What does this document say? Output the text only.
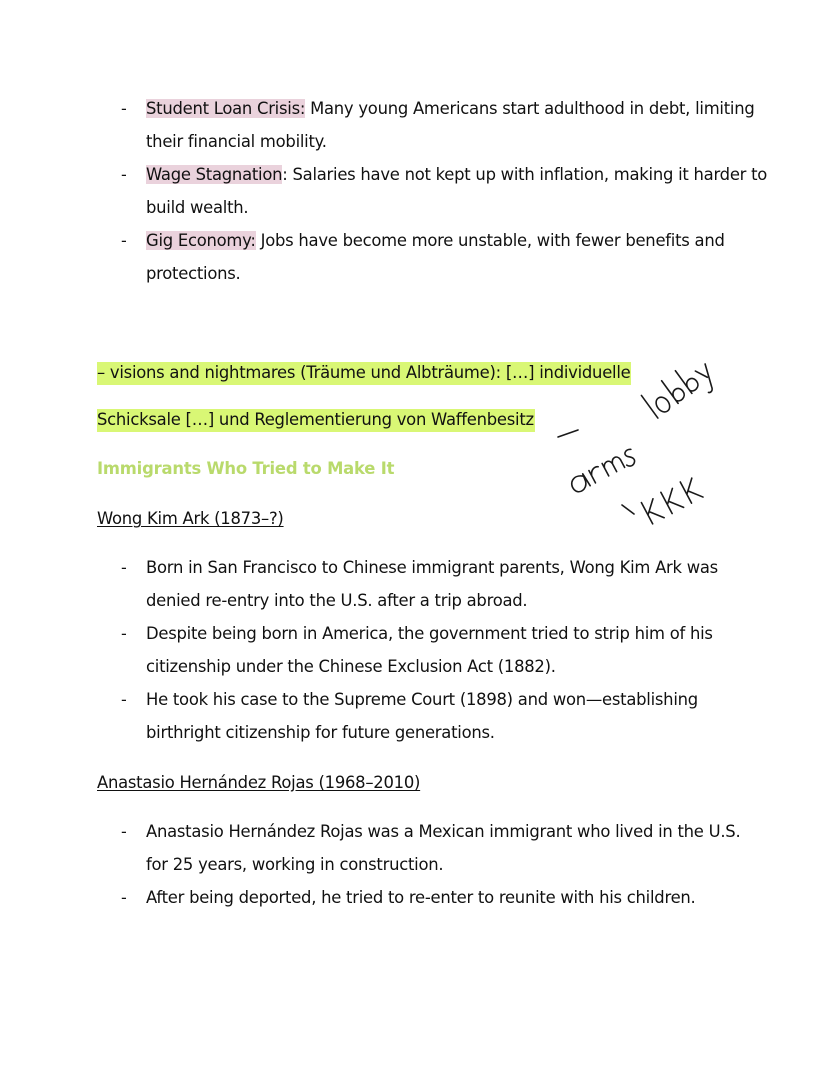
- Student Loan Crisis: Many young Americans start adulthood in debt, limiting
their financial mobility.
- Wage Stagnation: Salaries have not kept up with inflation, making it harder to
build wealth.
- Gig Economy: Jobs have become more unstable, with fewer benefits and
protections.
– visions and nightmares (Träume und Albträume): […] individuelle
Schicksale […] und Reglementierung von Waffenbesitz
Immigrants Who Tried to Make It
Wong Kim Ark (1873–?)
- Born in San Francisco to Chinese immigrant parents, Wong Kim Ark was
denied re-entry into the U.S. after a trip abroad.
- Despite being born in America, the government tried to strip him of his
citizenship under the Chinese Exclusion Act (1882).
- He took his case to the Supreme Court (1898) and won—establishing
birthright citizenship for future generations.
Anastasio Hernández Rojas (1968–2010)
- Anastasio Hernández Rojas was a Mexican immigrant who lived in the U.S.
for 25 years, working in construction.
- After being deported, he tried to re-enter to reunite with his children.
